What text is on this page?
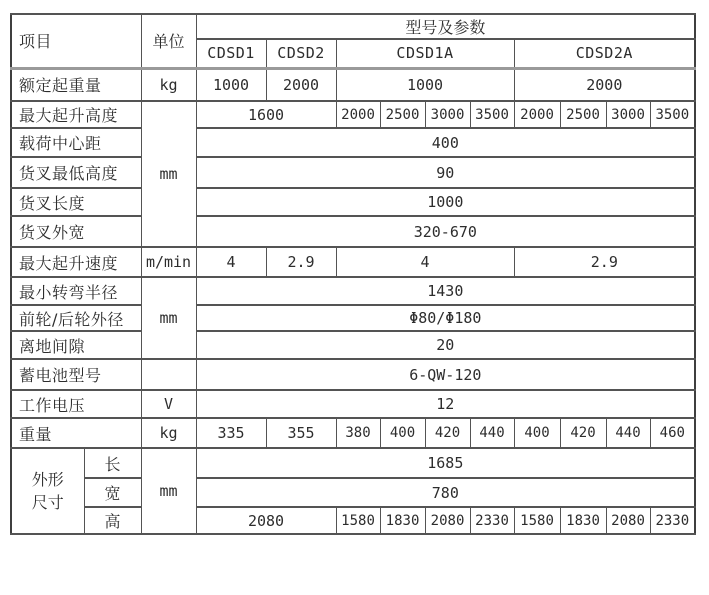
项目		单位	型号及参数									
			CDSD1	CDSD2	CDSD1A				CDSD2A			
额定起重量		kg	1000	2000	1000				2000			
最大起升高度		mm	1600		2000	2500	3000	3500	2000	2500	3000	3500
载荷中心距			400									
货叉最低高度			90									
货叉长度			1000									
货叉外宽			320-670									
最大起升速度		m/min	4	2.9	4				2.9			
最小转弯半径		mm	1430									
前轮/后轮外径			Φ80/Φ180									
离地间隙			20									
蓄电池型号			6-QW-120									
工作电压		V	12									
重量		kg	335	355	380	400	420	440	400	420	440	460

外形
尺寸	长	mm	1685									
	宽		780									
	高		2080		1580	1830	2080	2330	1580	1830	2080	2330
